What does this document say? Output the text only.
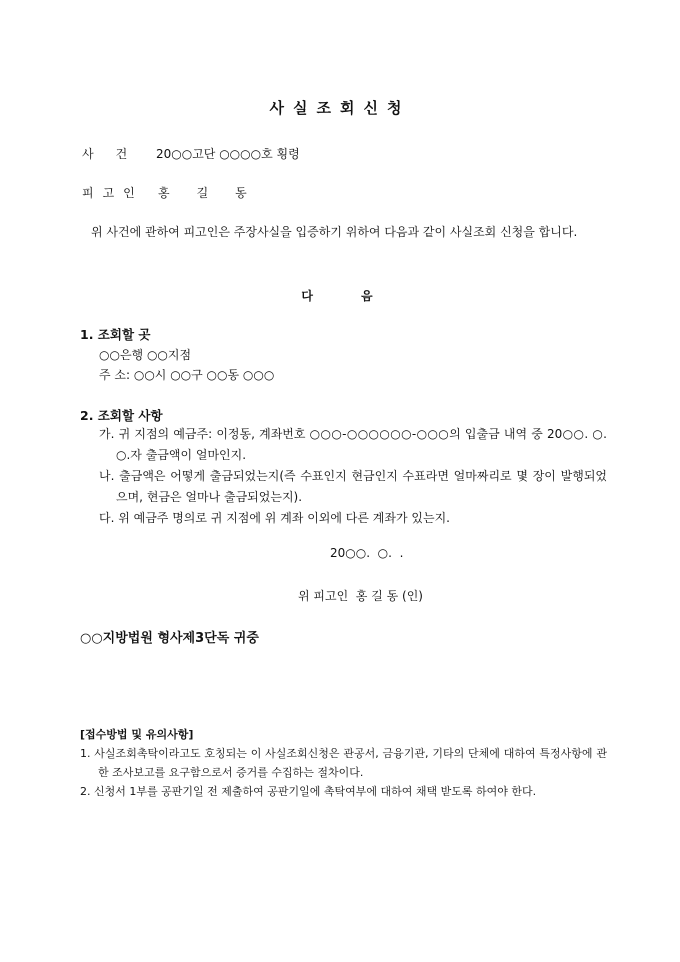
사실조회신청
사건 20○○고단 ○○○○호 횡령
피고인 홍길동
위 사건에 관하여 피고인은 주장사실을 입증하기 위하여 다음과 같이 사실조회 신청을 합니다.
다음
1. 조회할 곳
○○은행 ○○지점
주 소: ○○시 ○○구 ○○동 ○○○
2. 조회할 사항
가. 귀 지점의 예금주: 이정동, 계좌번호 ○○○-○○○○○○-○○○의 입출금 내역 중 20○○. ○. ○.자 출금액이 얼마인지.
나. 출금액은 어떻게 출금되었는지(즉 수표인지 현금인지 수표라면 얼마짜리로 몇 장이 발행되었으며, 현금은 얼마나 출금되었는지).
다. 위 예금주 명의로 귀 지점에 위 계좌 이외에 다른 계좌가 있는지.
20○○.  ○.  .
위 피고인  홍 길 동 (인)
○○지방법원 형사제3단독 귀중
[접수방법 및 유의사항]
1. 사실조회촉탁이라고도 호칭되는 이 사실조회신청은 관공서, 금융기관, 기타의 단체에 대하여 특정사항에 관한 조사보고를 요구함으로서 증거를 수집하는 절차이다.
2. 신청서 1부를 공판기일 전 제출하여 공판기일에 촉탁여부에 대하여 채택 받도록 하여야 한다.
